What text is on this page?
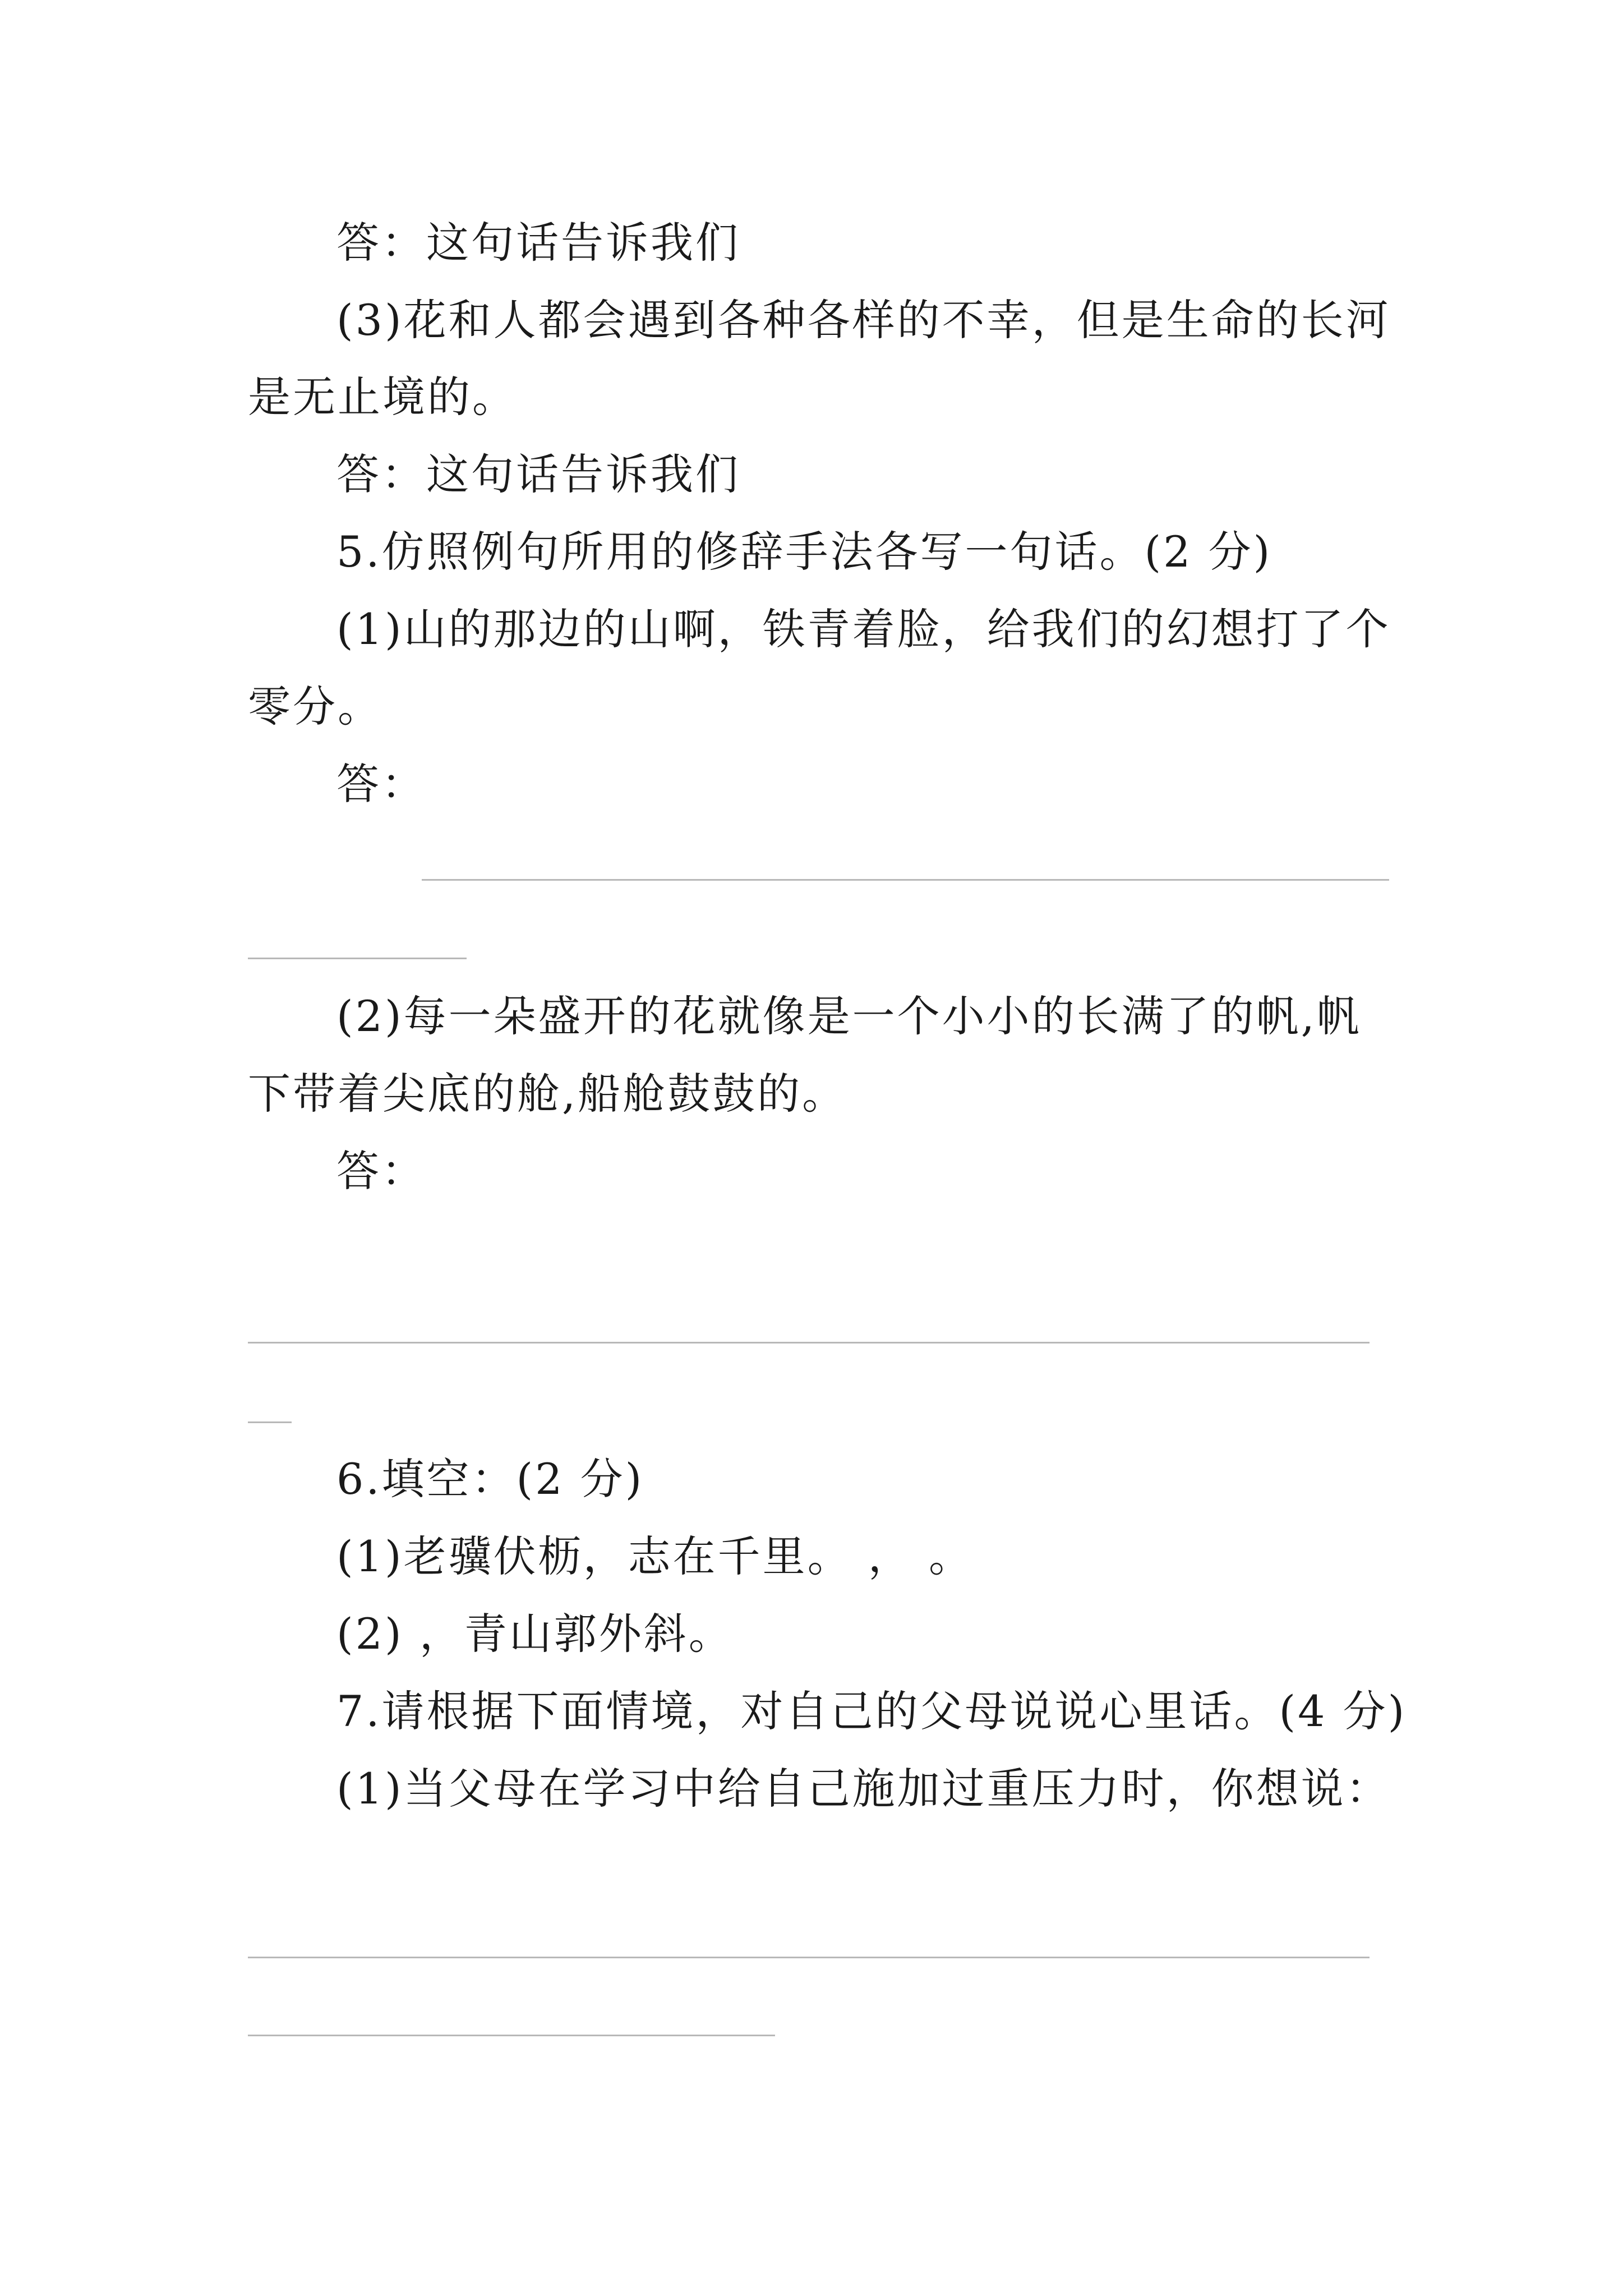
答：这句话告诉我们
(3)花和人都会遇到各种各样的不幸，但是生命的长河
是无止境的。
答：这句话告诉我们
5.仿照例句所用的修辞手法各写一句话。(2 分)
(1)山的那边的山啊，铁青着脸，给我们的幻想打了个
零分。
答：
(2)每一朵盛开的花就像是一个小小的长满了的帆,帆
下带着尖底的舱,船舱鼓鼓的。
答：
6.填空：(2 分)
(1)老骥伏枥，志在千里。 ， 。
(2) ，青山郭外斜。
7.请根据下面情境，对自己的父母说说心里话。(4 分)
(1)当父母在学习中给自己施加过重压力时，你想说：
